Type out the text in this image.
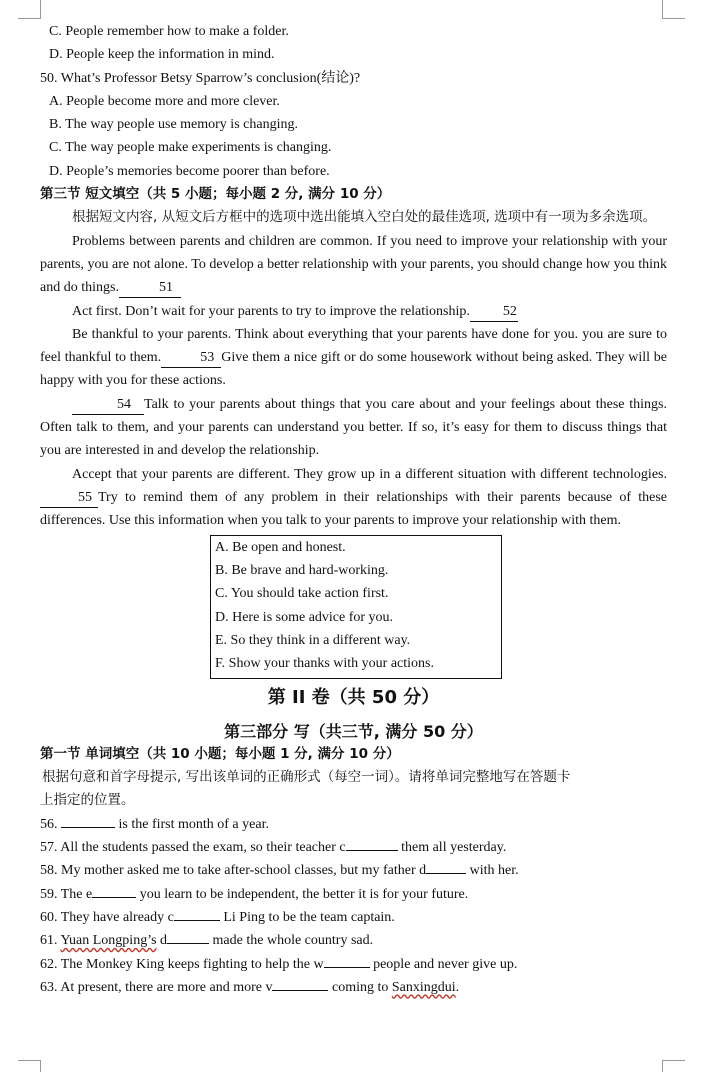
C. People remember how to make a folder.
D. People keep the information in mind.
50. What’s Professor Betsy Sparrow’s conclusion(结论)?
A. People become more and more clever.
B. The way people use memory is changing.
C. The way people make experiments is changing.
D. People’s memories become poorer than before.
第三节 短文填空（共 5 小题；每小题 2 分, 满分 10 分）

根据短文内容, 从短文后方框中的选项中选出能填入空白处的最佳选项, 选项中有一项为多余选项。

Problems between parents and children are common. If you need to improve your relationship with your parents, you are not alone. To develop a better relationship with your parents, you should change how you think and do things.	51

Act first. Don’t wait for your parents to try to improve the relationship. 52

Be thankful to your parents. Think about everything that your parents have done for you. you are sure to feel thankful to them.	53 Give them a nice gift or do some housework without being asked. They will be happy with you for these actions.

54 Talk to your parents about things that you care about and your feelings about these things. Often talk to them, and your parents can understand you better. If so, it’s easy for them to discuss things that you are interested in and develop the relationship.

Accept that your parents are different. They grow up in a different situation with different technologies.55 Try to remind them of any problem in their relationships with their parents because of these differences. Use this information when you talk to your parents to improve your relationship with them.

A. Be open and honest.
B. Be brave and hard-working.
C. You should take action first.
D. Here is some advice for you.
E. So they think in a different way.
F. Show your thanks with your actions.
第 II 卷（共 50 分）
第三部分 写（共三节, 满分 50 分）
第一节 单词填空（共 10 小题；每小题 1 分, 满分 10 分）
根据句意和首字母提示, 写出该单词的正确形式（每空一词）。请将单词完整地写在答题卡
上指定的位置。
56.	is the first month of a year.
57. All the students passed the exam, so their teacher c	them all yesterday.
58. My mother asked me to take after-school classes, but my father d	with her.
59. The e	you learn to be independent, the better it is for your future.
60. They have already c	Li Ping to be the team captain.
61. Yuan Longping’s d	made the whole country sad.
62. The Monkey King keeps fighting to help the w	people and never give up.
63. At present, there are more and more v	coming to Sanxingdui.
